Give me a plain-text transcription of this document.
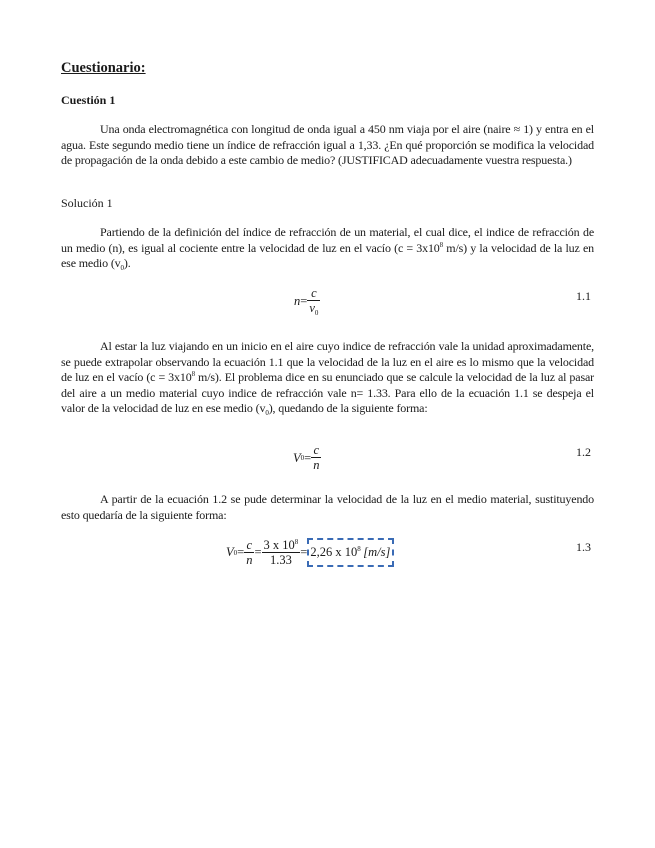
Cuestionario:
Cuestión 1
Una onda electromagnética con longitud de onda igual a 450 nm viaja por el aire (naire ≈ 1) y entra en el agua. Este segundo medio tiene un índice de refracción igual a 1,33. ¿En qué proporción se modifica la velocidad de propagación de la onda debido a este cambio de medio? (JUSTIFICAD adecuadamente vuestra respuesta.)
Solución 1
Partiendo de la definición del índice de refracción de un material, el cual dice, el indice de refracción de un medio (n), es igual al cociente entre la velocidad de luz en el vacío ($c = 3x10^8$ m/s) y la velocidad de la luz en ese medio $(v_0)$.
$n = \frac{c}{v_0}$	1.1
Al estar la luz viajando en un inicio en el aire cuyo indice de refracción vale la unidad aproximadamente, se puede extrapolar observando la ecuación 1.1 que la velocidad de la luz en el aire es lo mismo que la velocidad de luz en el vacío ($c = 3x10^8$ m/s). El problema dice en su enunciado que se calcule la velocidad de la luz al pasar del aire a un medio material cuyo indice de refracción vale n= 1.33. Para ello de la ecuación 1.1 se despeja el valor de la velocidad de luz en ese medio $(v_0)$, quedando de la siguiente forma:
V $0 = \frac{c}{n}$	1.2
A partir de la ecuación 1.2 se pude determinar la velocidad de la luz en el medio material, sustituyendo esto quedaría de la siguiente forma:
V $0 = \frac{c}{n} = \frac{3 x 10^8}{1.33} = 2,26$ x $10^8$  [m/s]	1.3
